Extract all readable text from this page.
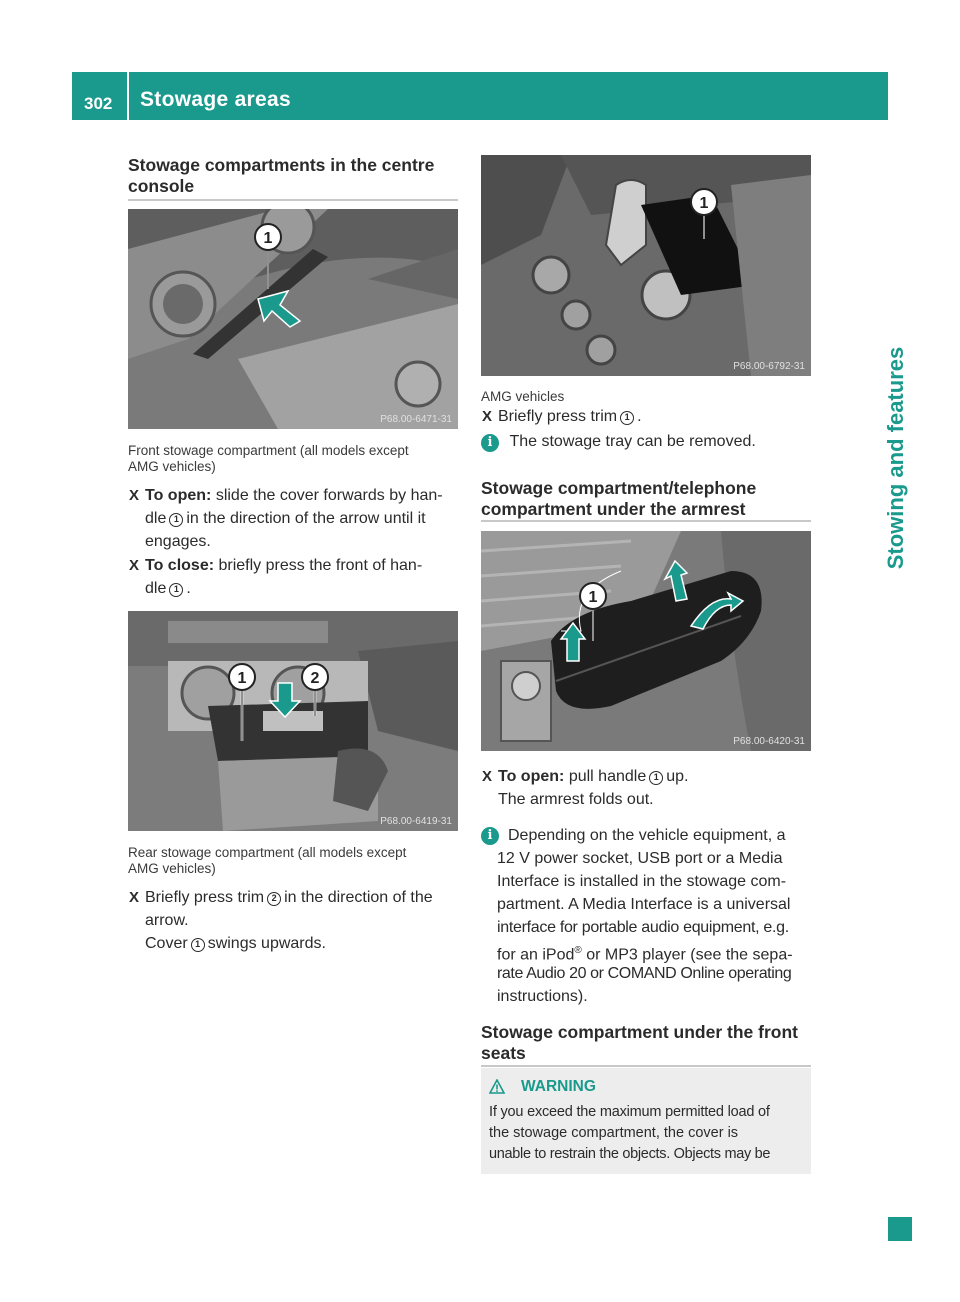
302 Stowage areas
Stowing and features
Stowage compartments in the centre
console
1
P68.00-6471-31
Front stowage compartment (all models except
AMG vehicles)
X To open: slide the cover forwards by han-
dle 1 in the direction of the arrow until it
engages.
X To close: briefly press the front of han-
dle 1 .
1	2
P68.00-6419-31
Rear stowage compartment (all models except
AMG vehicles)
X Briefly press trim 2 in the direction of the
arrow.
Cover 1 swings upwards.
1
P68.00-6792-31
AMG vehicles
X Briefly press trim 1 .
i The stowage tray can be removed.
Stowage compartment/telephone
compartment under the armrest
1
P68.00-6420-31
X To open: pull handle 1 up.
The armrest folds out.
i Depending on the vehicle equipment, a
12 V power socket, USB port or a Media
Interface is installed in the stowage com-
partment. A Media Interface is a universal
interface for portable audio equipment, e.g.
for an iPod® or MP3 player (see the sepa-
rate Audio 20 or COMAND Online operating
instructions).
Stowage compartment under the front
seats
WARNING
If you exceed the maximum permitted load of
the stowage compartment, the cover is
unable to restrain the objects. Objects may be
